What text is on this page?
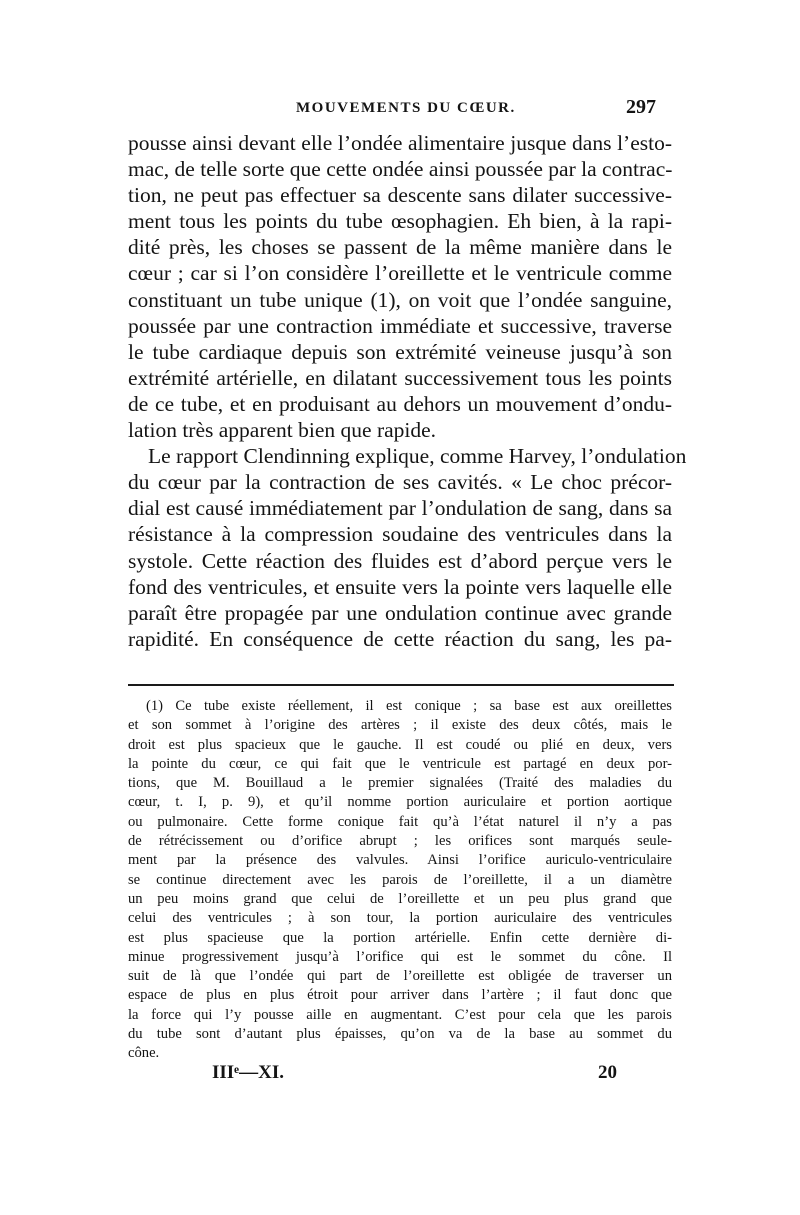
MOUVEMENTS DU CŒUR.	297
pousse ainsi devant elle l’ondée alimentaire jusque dans l’esto-
mac, de telle sorte que cette ondée ainsi poussée par la contrac-
tion, ne peut pas effectuer sa descente sans dilater successive-
ment tous les points du tube œsophagien. Eh bien, à la rapi-
dité près, les choses se passent de la même manière dans le
cœur ; car si l’on considère l’oreillette et le ventricule comme
constituant un tube unique (1), on voit que l’ondée sanguine,
poussée par une contraction immédiate et successive, traverse
le tube cardiaque depuis son extrémité veineuse jusqu’à son
extrémité artérielle, en dilatant successivement tous les points
de ce tube, et en produisant au dehors un mouvement d’ondu-
lation très apparent bien que rapide.
Le rapport Clendinning explique, comme Harvey, l’ondulation
du cœur par la contraction de ses cavités. « Le choc précor-
dial est causé immédiatement par l’ondulation de sang, dans sa
résistance à la compression soudaine des ventricules dans la
systole. Cette réaction des fluides est d’abord perçue vers le
fond des ventricules, et ensuite vers la pointe vers laquelle elle
paraît être propagée par une ondulation continue avec grande
rapidité. En conséquence de cette réaction du sang, les pa-
(1) Ce tube existe réellement, il est conique ; sa base est aux oreillettes
et son sommet à l’origine des artères ; il existe des deux côtés, mais le
droit est plus spacieux que le gauche. Il est coudé ou plié en deux, vers
la pointe du cœur, ce qui fait que le ventricule est partagé en deux por-
tions, que M. Bouillaud a le premier signalées (Traité des maladies du
cœur, t. I, p. 9), et qu’il nomme portion auriculaire et portion aortique
ou pulmonaire. Cette forme conique fait qu’à l’état naturel il n’y a pas
de rétrécissement ou d’orifice abrupt ; les orifices sont marqués seule-
ment par la présence des valvules. Ainsi l’orifice auriculo-ventriculaire
se continue directement avec les parois de l’oreillette, il a un diamètre
un peu moins grand que celui de l’oreillette et un peu plus grand que
celui des ventricules ; à son tour, la portion auriculaire des ventricules
est plus spacieuse que la portion artérielle. Enfin cette dernière di-
minue progressivement jusqu’à l’orifice qui est le sommet du cône. Il
suit de là que l’ondée qui part de l’oreillette est obligée de traverser un
espace de plus en plus étroit pour arriver dans l’artère ; il faut donc que
la force qui l’y pousse aille en augmentant. C’est pour cela que les parois
du tube sont d’autant plus épaisses, qu’on va de la base au sommet du
cône.
IIIᵉ—XI.	20
